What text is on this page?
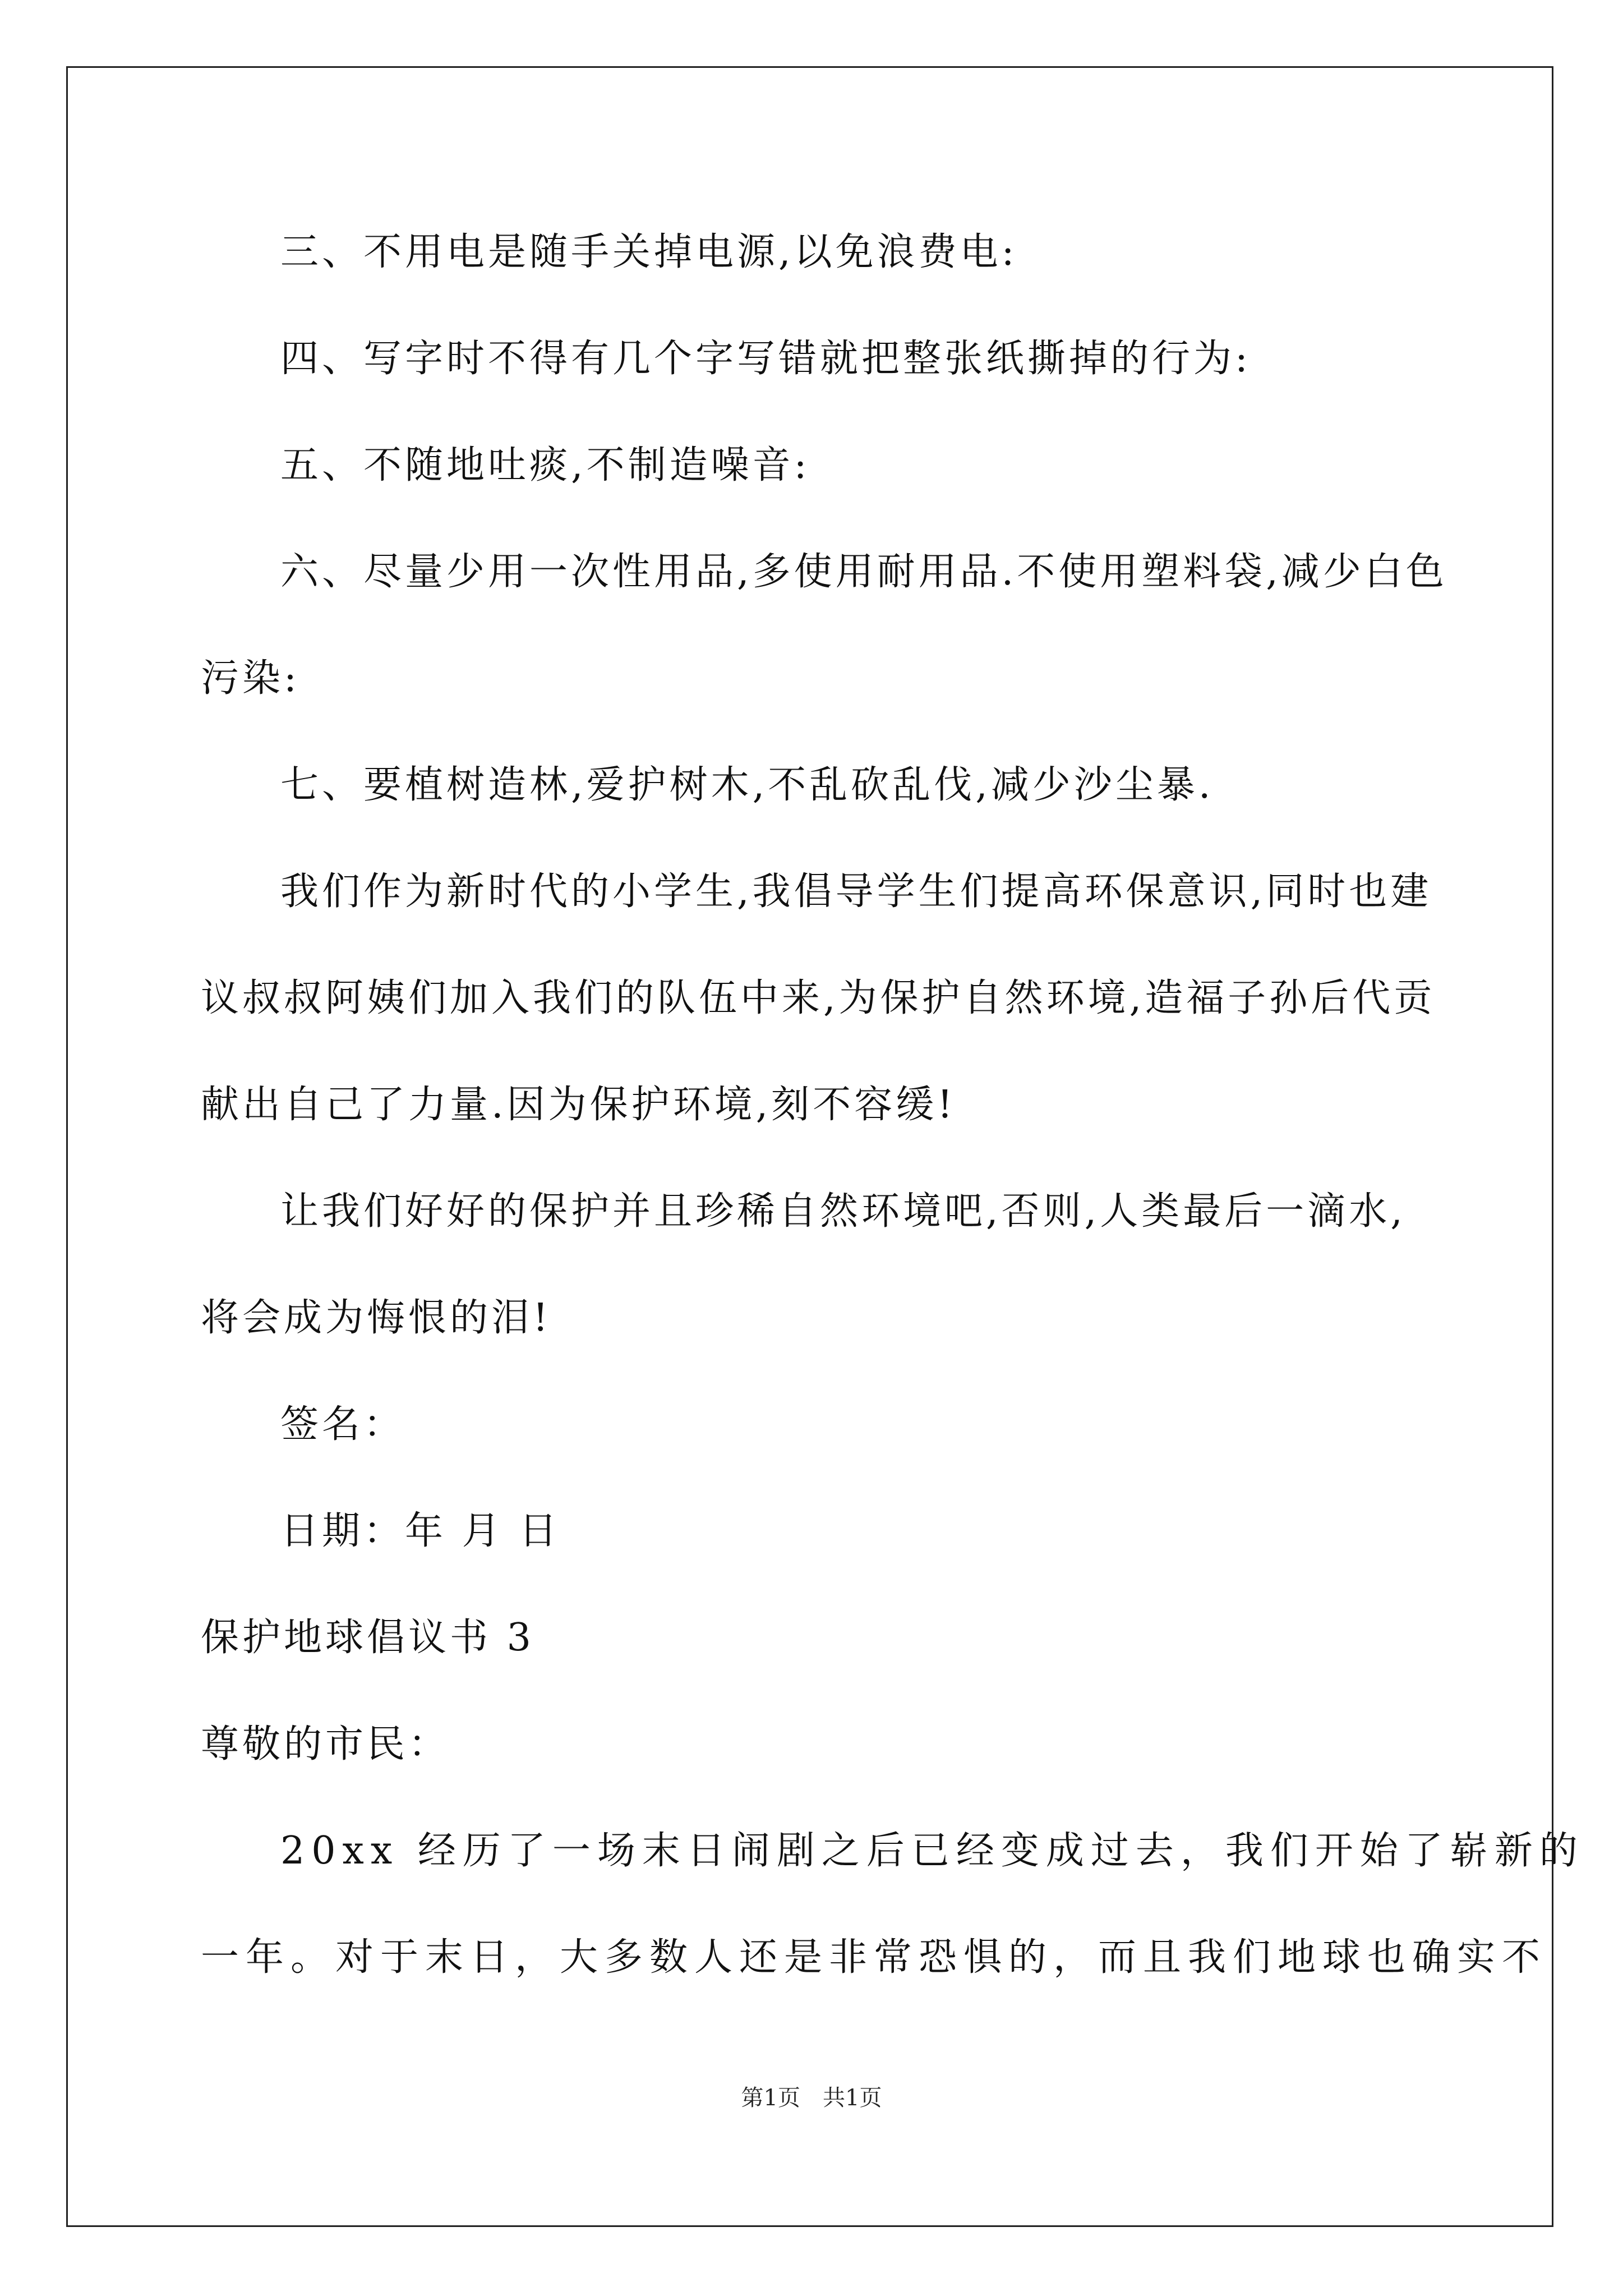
三、不用电是随手关掉电源,以免浪费电:
四、写字时不得有几个字写错就把整张纸撕掉的行为:
五、不随地吐痰,不制造噪音:
六、尽量少用一次性用品,多使用耐用品.不使用塑料袋,减少白色
污染:
七、要植树造林,爱护树木,不乱砍乱伐,减少沙尘暴.
我们作为新时代的小学生,我倡导学生们提高环保意识,同时也建
议叔叔阿姨们加入我们的队伍中来,为保护自然环境,造福子孙后代贡
献出自己了力量.因为保护环境,刻不容缓!
让我们好好的保护并且珍稀自然环境吧,否则,人类最后一滴水,
将会成为悔恨的泪!
签名：
日期：年 月 日
保护地球倡议书 3
尊敬的市民：
20xx 经历了一场末日闹剧之后已经变成过去，我们开始了崭新的
一年。对于末日，大多数人还是非常恐惧的，而且我们地球也确实不
第1页　共1页
